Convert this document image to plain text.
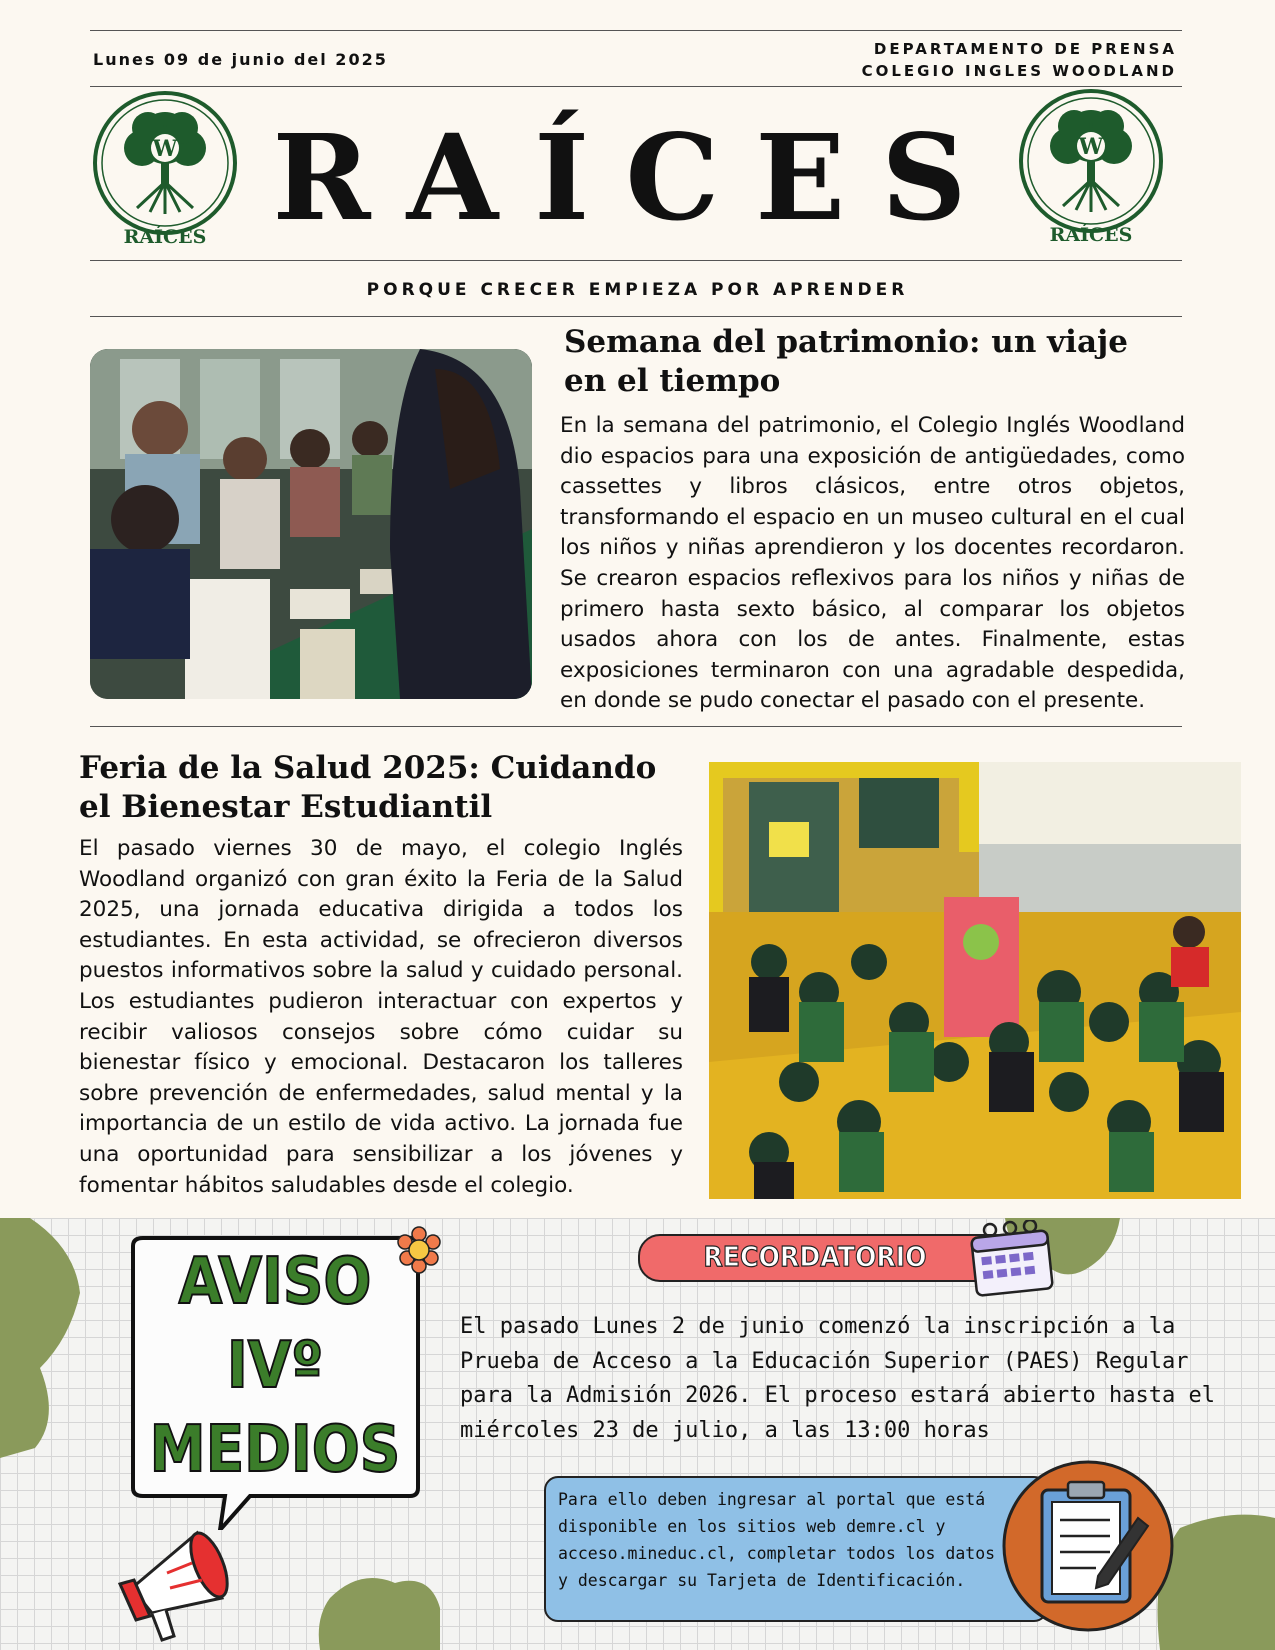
Lunes 09 de junio del 2025
DEPARTAMENTO DE PRENSA
COLEGIO INGLES WOODLAND
W
RAÍCES RAÍCES	W
RAÍCES
PORQUE CRECER EMPIEZA POR APRENDER
Semana del patrimonio: un viaje en el tiempo
En la semana del patrimonio, el Colegio Inglés Woodland dio espacios para una exposición de antigüedades, como cassettes y libros clásicos, entre otros objetos, transformando el espacio en un museo cultural en el cual los niños y niñas aprendieron y los docentes recordaron. Se crearon espacios reflexivos para los niños y niñas de primero hasta sexto básico, al comparar los objetos usados ahora con los de antes. Finalmente, estas exposiciones terminaron con una agradable despedida, en donde se pudo conectar el pasado con el presente.
Feria de la Salud 2025: Cuidando el Bienestar Estudiantil
El pasado viernes 30 de mayo, el colegio Inglés Woodland organizó con gran éxito la Feria de la Salud 2025, una jornada educativa dirigida a todos los estudiantes. En esta actividad, se ofrecieron diversos puestos informativos sobre la salud y cuidado personal. Los estudiantes pudieron interactuar con expertos y recibir valiosos consejos sobre cómo cuidar su bienestar físico y emocional. Destacaron los talleres sobre prevención de enfermedades, salud mental y la importancia de un estilo de vida activo. La jornada fue una oportunidad para sensibilizar a los jóvenes y fomentar hábitos saludables desde el colegio.
AVISO
IVº
MEDIOS
RECORDATORIO
El pasado Lunes 2 de junio comenzó la inscripción a la Prueba de Acceso a la Educación Superior (PAES) Regular para la Admisión 2026. El proceso estará abierto hasta el miércoles 23 de julio, a las 13:00 horas
Para ello deben ingresar al portal que está disponible en los sitios web demre.cl y acceso.mineduc.cl, completar todos los datos y descargar su Tarjeta de Identificación.
